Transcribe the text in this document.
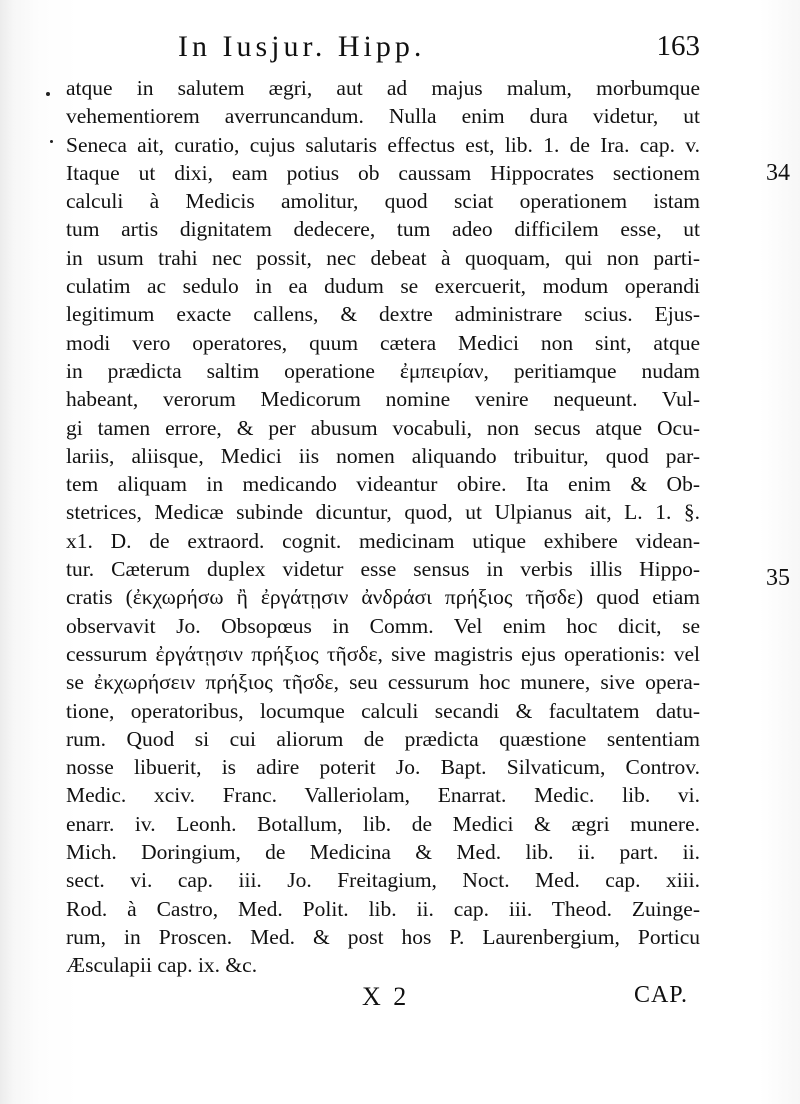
In Iusjur. Hipp.	163
atque in salutem ægri, aut ad majus malum, morbumque
vehementiorem averruncandum. Nulla enim dura videtur, ut
Seneca ait, curatio, cujus salutaris effectus est, lib. 1. de Ira. cap. v.
Itaque ut dixi, eam potius ob caussam Hippocrates sectionem
calculi à Medicis amolitur, quod sciat operationem istam
tum artis dignitatem dedecere, tum adeo difficilem esse, ut
in usum trahi nec possit, nec debeat à quoquam, qui non parti-
culatim ac sedulo in ea dudum se exercuerit, modum operandi
legitimum exacte callens, & dextre administrare scius. Ejus-
modi vero operatores, quum cætera Medici non sint, atque
in prædicta saltim operatione ἐμπειρίαν, peritiamque nudam
habeant, verorum Medicorum nomine venire nequeunt. Vul-
gi tamen errore, & per abusum vocabuli, non secus atque Ocu-
lariis, aliisque, Medici iis nomen aliquando tribuitur, quod par-
tem aliquam in medicando videantur obire. Ita enim & Ob-
stetrices, Medicæ subinde dicuntur, quod, ut Ulpianus ait, L. 1. §.
x1. D. de extraord. cognit. medicinam utique exhibere videan-
tur. Cæterum duplex videtur esse sensus in verbis illis Hippo-
cratis (ἐκχωρήσω ἢ ἐργάτῃσιν ἀνδράσι πρήξιος τῆσδε) quod etiam
observavit Jo. Obsopœus in Comm. Vel enim hoc dicit, se
cessurum ἐργάτῃσιν πρήξιος τῆσδε, sive magistris ejus operationis: vel
se ἐκχωρήσειν πρήξιος τῆσδε, seu cessurum hoc munere, sive opera-
tione, operatoribus, locumque calculi secandi & facultatem datu-
rum. Quod si cui aliorum de prædicta quæstione sententiam
nosse libuerit, is adire poterit Jo. Bapt. Silvaticum, Controv.
Medic. xciv. Franc. Valleriolam, Enarrat. Medic. lib. vi.
enarr. iv. Leonh. Botallum, lib. de Medici & ægri munere.
Mich. Doringium, de Medicina & Med. lib. ii. part. ii.
sect. vi. cap. iii. Jo. Freitagium, Noct. Med. cap. xiii.
Rod. à Castro, Med. Polit. lib. ii. cap. iii. Theod. Zuinge-
rum, in Proscen. Med. & post hos P. Laurenbergium, Porticu
Æsculapii cap. ix. &c.
34
35
X 2	CAP.
